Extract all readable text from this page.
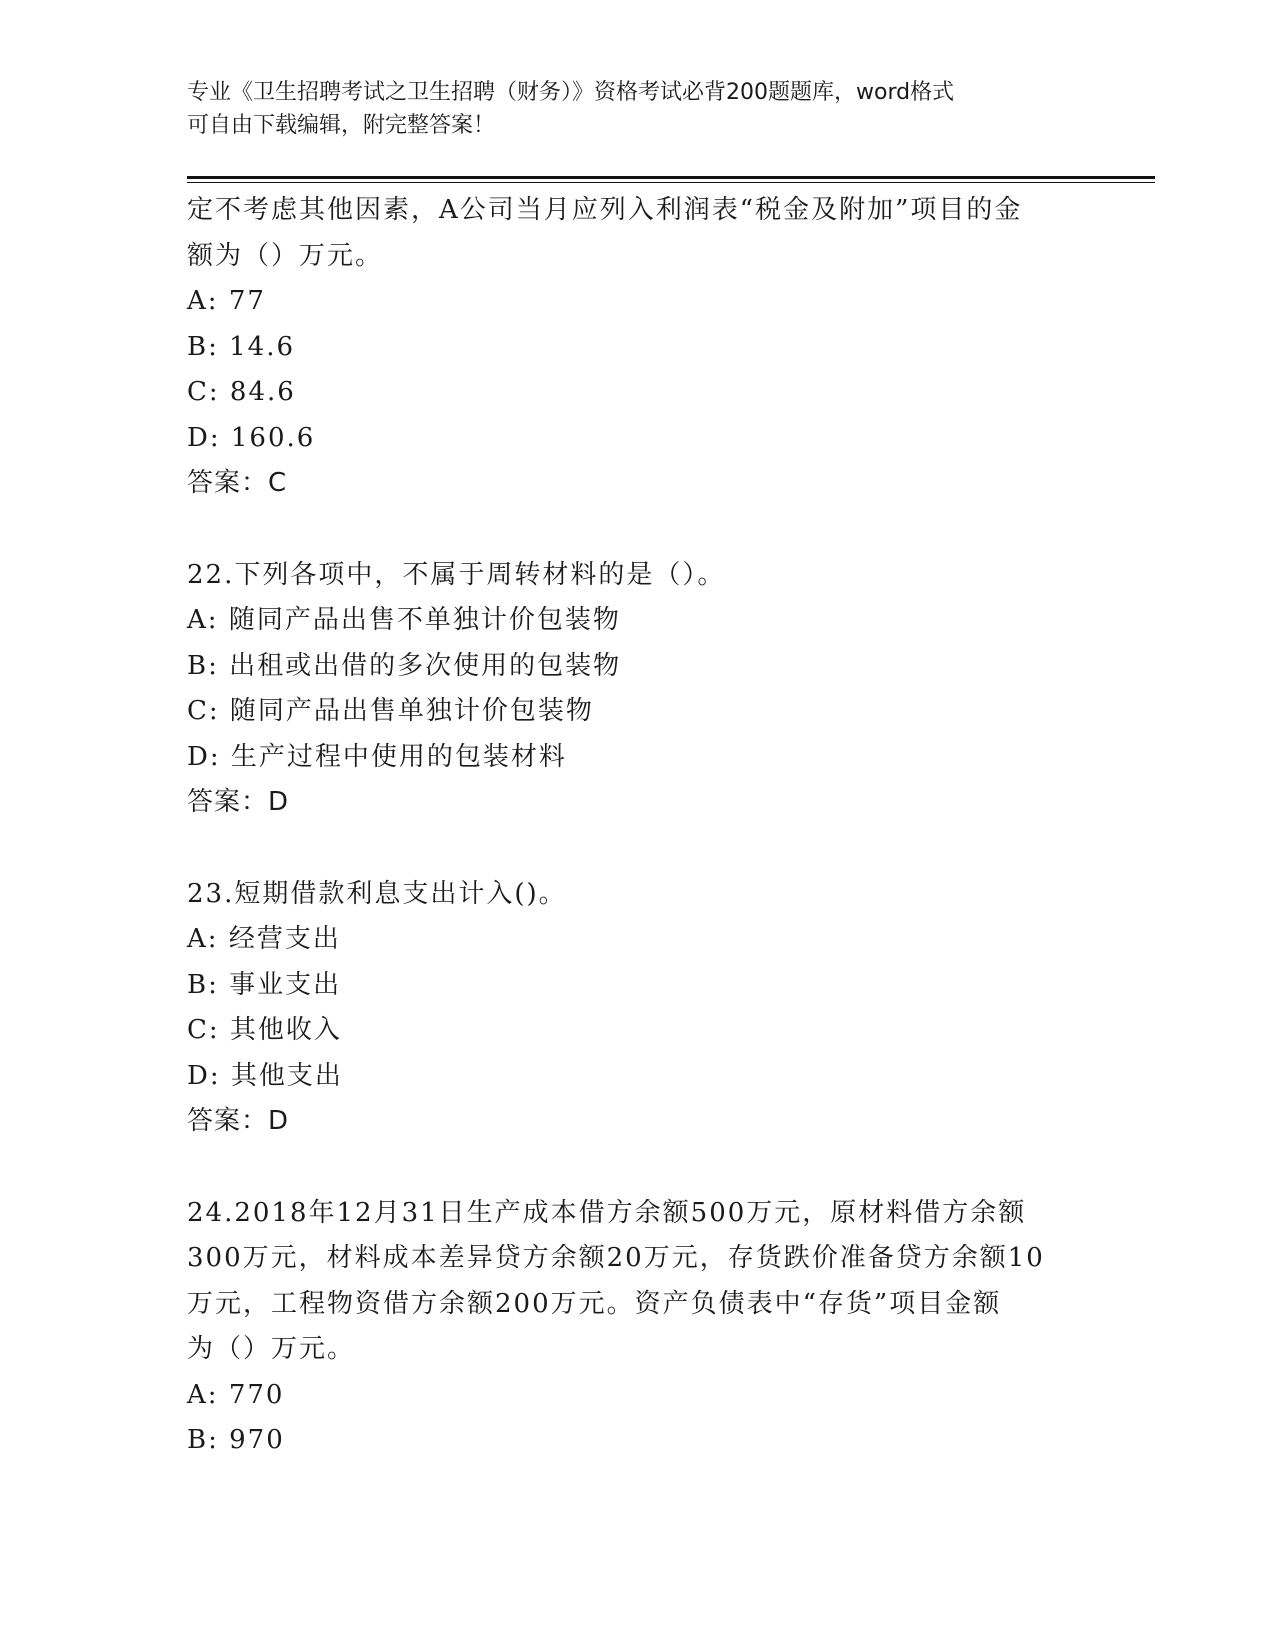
专业《卫生招聘考试之卫生招聘（财务）》资格考试必背200题题库，word格式
可自由下载编辑，附完整答案！
定不考虑其他因素，A公司当月应列入利润表“税金及附加”项目的金
额为（）万元。
A: 77
B: 14.6
C: 84.6
D: 160.6
答案：C
22.下列各项中，不属于周转材料的是（）。
A: 随同产品出售不单独计价包装物
B: 出租或出借的多次使用的包装物
C: 随同产品出售单独计价包装物
D: 生产过程中使用的包装材料
答案：D
23.短期借款利息支出计入()。
A: 经营支出
B: 事业支出
C: 其他收入
D: 其他支出
答案：D
24.2018年12月31日生产成本借方余额500万元，原材料借方余额
300万元，材料成本差异贷方余额20万元，存货跌价准备贷方余额10
万元，工程物资借方余额200万元。资产负债表中“存货”项目金额
为（）万元。
A: 770
B: 970
